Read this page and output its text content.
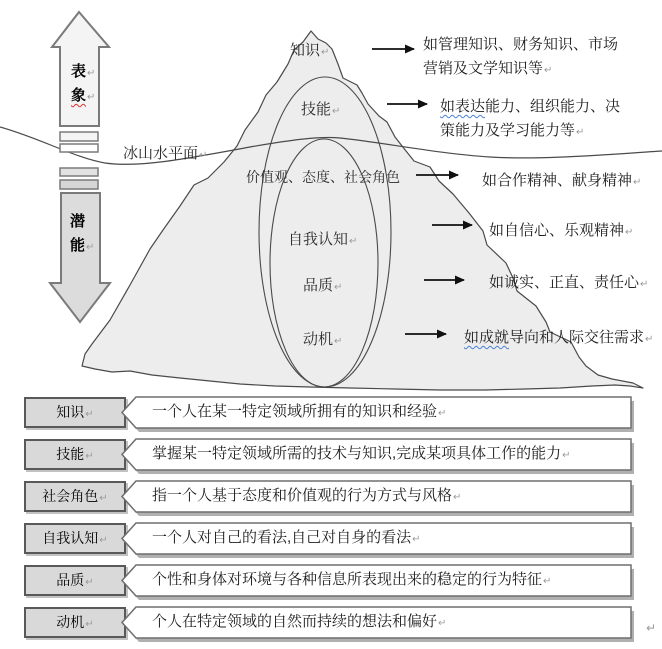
表↵
象↵
潜
能↵
冰山水平面↵
知识↵
技能↵
价值观、态度、社会角色
自我认知↵
品质↵
动机↵
如管理知识、财务知识、市场
营销及文学知识等↵
如表达能力、组织能力、决
策能力及学习能力等↵
如合作精神、献身精神↵
如自信心、乐观精神↵
如诚实、正直、责任心↵
如成就导向和人际交往需求↵
知识↵	一个人在某一特定领域所拥有的知识和经验↵
技能↵	掌握某一特定领域所需的技术与知识,完成某项具体工作的能力↵
社会角色↵	指一个人基于态度和价值观的行为方式与风格↵
自我认知↵	一个人对自己的看法,自己对自身的看法↵
品质↵	个性和身体对环境与各种信息所表现出来的稳定的行为特征↵
动机↵	个人在特定领域的自然而持续的想法和偏好↵	↵
